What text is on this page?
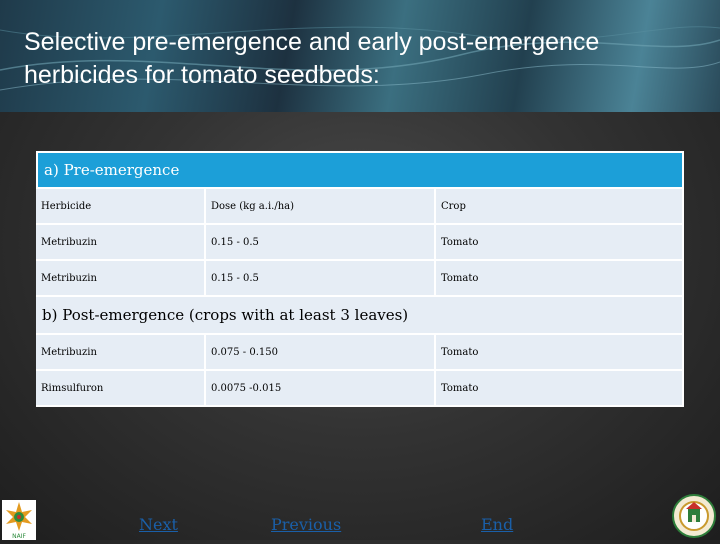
Selective pre-emergence and early post-emergence herbicides for tomato seedbeds:
a) Pre-emergence		
Herbicide	Dose (kg a.i./ha)	Crop
Metribuzin	0.15 - 0.5	Tomato
Metribuzin	0.15 - 0.5	Tomato
b) Post-emergence (crops with at least 3 leaves)		
Metribuzin	0.075 - 0.150	Tomato
Rimsulfuron	0.0075 -0.015	Tomato
NAIF
Next	Previous	End
